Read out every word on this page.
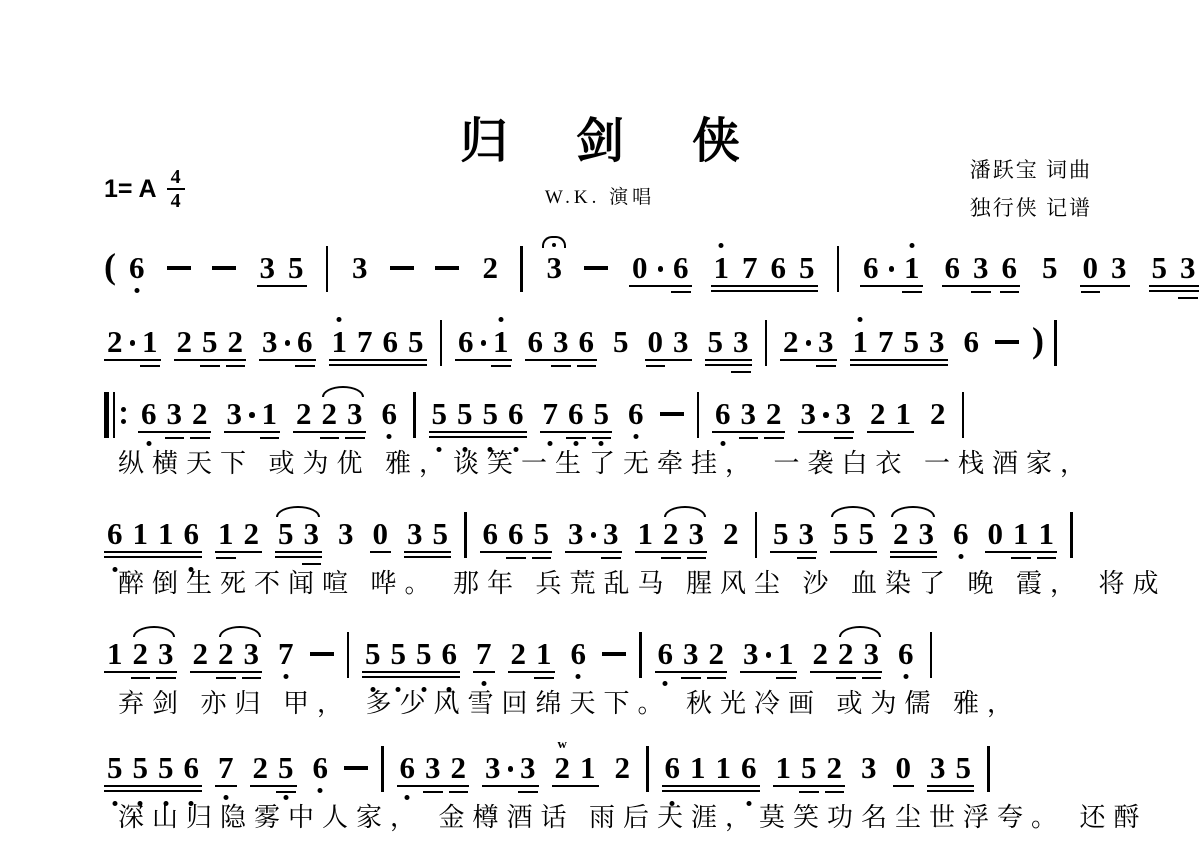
归 剑 侠
W.K. 演唱
潘跃宝 词曲
独行侠 记谱
1= A $\frac{4}{4}$
( 6	3 5 3	2 3 0 6 1 7 6 5 6 1 6 3 6 5 0 3 5 3
2 1 2 5 2 3 6 1 7 6 5 6 1 6 3 6 5 0 3 5 3 2 3 1 7 5 3 6 )
6 3 2 3 1 2 2 3 6 5 5 5 6 7 6 5 6 6 3 2 3 3 2 1 2
纵横天下 或为优 雅，谈笑一生了无牵挂， 一袭白衣 一栈酒家，
6 1 1 6 1 2 5 3 3 0 3 5 6 6 5 3 3 1 2 3 2 5 3 5 5 2 3 6 0 1 1
醉倒生死不闻喧 哗。 那年 兵荒乱马 腥风尘 沙 血染了 晚 霞， 将成
1 2 3 2 2 3 7 5 5 5 6 7 2 1 6 6 3 2 3 1 2 2 3 6
弃剑 亦归 甲， 多少风雪回绵天下。 秋光冷画 或为儒 雅，
5 5 5 6 7 2 5 6 6 3 2 3 3 2
w
1 2 6 1 1 6 1 5 2 3 0 3 5
深山归隐雾中人家， 金樽酒话 雨后天涯，莫笑功名尘世浮夸。 还酹
